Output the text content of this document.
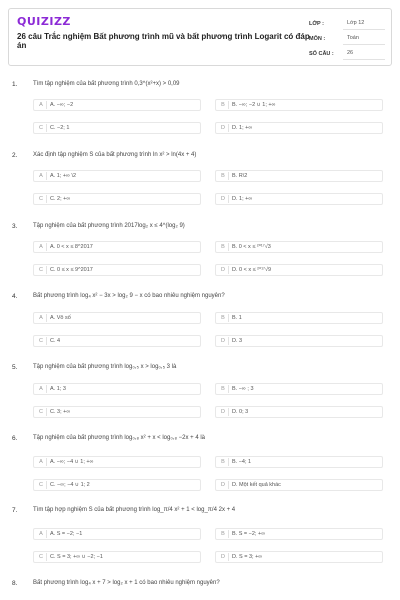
QUIZIZZ
26 câu Trắc nghiệm Bất phương trình mũ và bất phương trình Logarit có đáp án
LỚP :	Lớp 12
MÔN :	Toán
SỐ CÂU :	26
1.	Tìm tập nghiệm của bất phương trình 0,3^(x²+x) > 0,09
A	A. −∞; −2	B	B. −∞; −2 ∪ 1; +∞
C	C. −2; 1	D	D. 1; +∞
2.	Xác định tập nghiệm S của bất phương trình ln x² > ln(4x + 4)
A	A. 1; +∞ \2	B	B. R\2
C	C. 2; +∞	D	D. 1; +∞
3.	Tập nghiệm của bất phương trình 2017log₂ x ≤ 4^(log₂ 9)
A	A. 0 < x ≤ 8^2017	B	B. 0 < x ≤ ²⁰¹⁷√3
C	C. 0 ≤ x ≤ 9^2017	D	D. 0 < x ≤ ²⁰¹⁷√9
4.	Bất phương trình log₄ x² − 3x > log₂ 9 − x có bao nhiêu nghiệm nguyên?
A	A. Vô số	B	B. 1
C	C. 4	D	D. 3
5.	Tập nghiệm của bất phương trình log₀,₅ x > log₀,₅ 3 là
A	A. 1; 3	B	B. −∞ ; 3
C	C. 3; +∞	D	D. 0; 3
6.	Tập nghiệm của bất phương trình log₀,₈ x² + x < log₀,₈ −2x + 4 là
A	A. −∞; −4 ∪ 1; +∞	B	B. −4; 1
C	C. −∞; −4 ∪ 1; 2	D	D. Một kết quả khác
7.	Tìm tập hợp nghiệm S của bất phương trình log_π/4 x² + 1 < log_π/4 2x + 4
A	A. S = −2; −1	B	B. S = −2; +∞
C	C. S = 3; +∞ ∪ −2; −1	D	D. S = 3; +∞
8.	Bất phương trình log₄ x + 7 > log₂ x + 1 có bao nhiêu nghiệm nguyên?
